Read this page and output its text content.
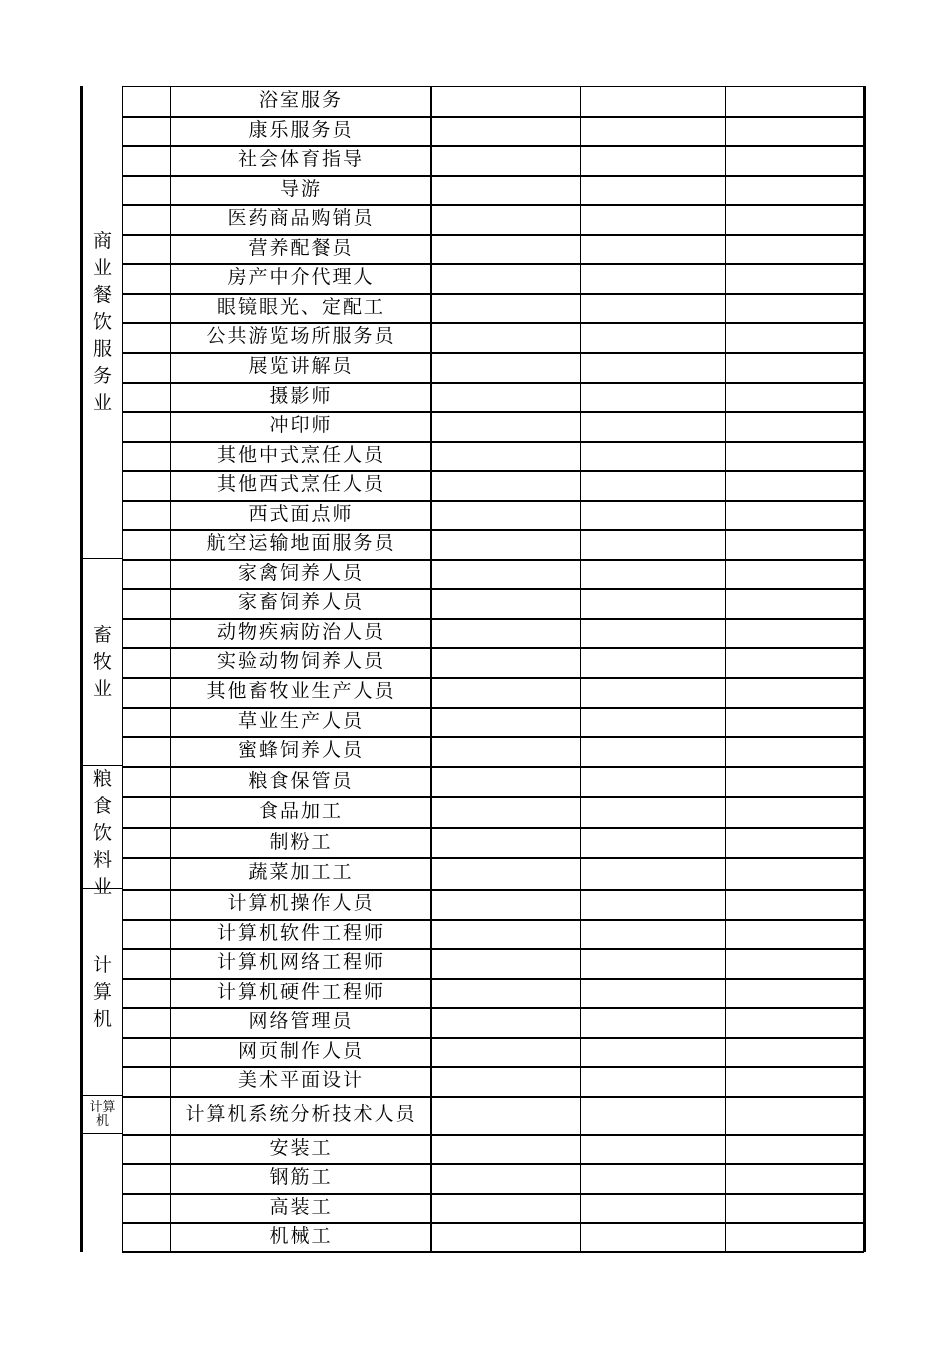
商
业
餐
饮
服
务
业
畜
牧
业
粮
食
饮
料
业
计
算
机
计算机
浴室服务
康乐服务员
社会体育指导
导游
医药商品购销员
营养配餐员
房产中介代理人
眼镜眼光、定配工
公共游览场所服务员
展览讲解员
摄影师
冲印师
其他中式烹任人员
其他西式烹任人员
西式面点师
航空运输地面服务员
家禽饲养人员
家畜饲养人员
动物疾病防治人员
实验动物饲养人员
其他畜牧业生产人员
草业生产人员
蜜蜂饲养人员
粮食保管员
食品加工
制粉工
蔬菜加工工
计算机操作人员
计算机软件工程师
计算机网络工程师
计算机硬件工程师
网络管理员
网页制作人员
美术平面设计
计算机系统分析技术人员
安装工
钢筋工
高装工
机械工
